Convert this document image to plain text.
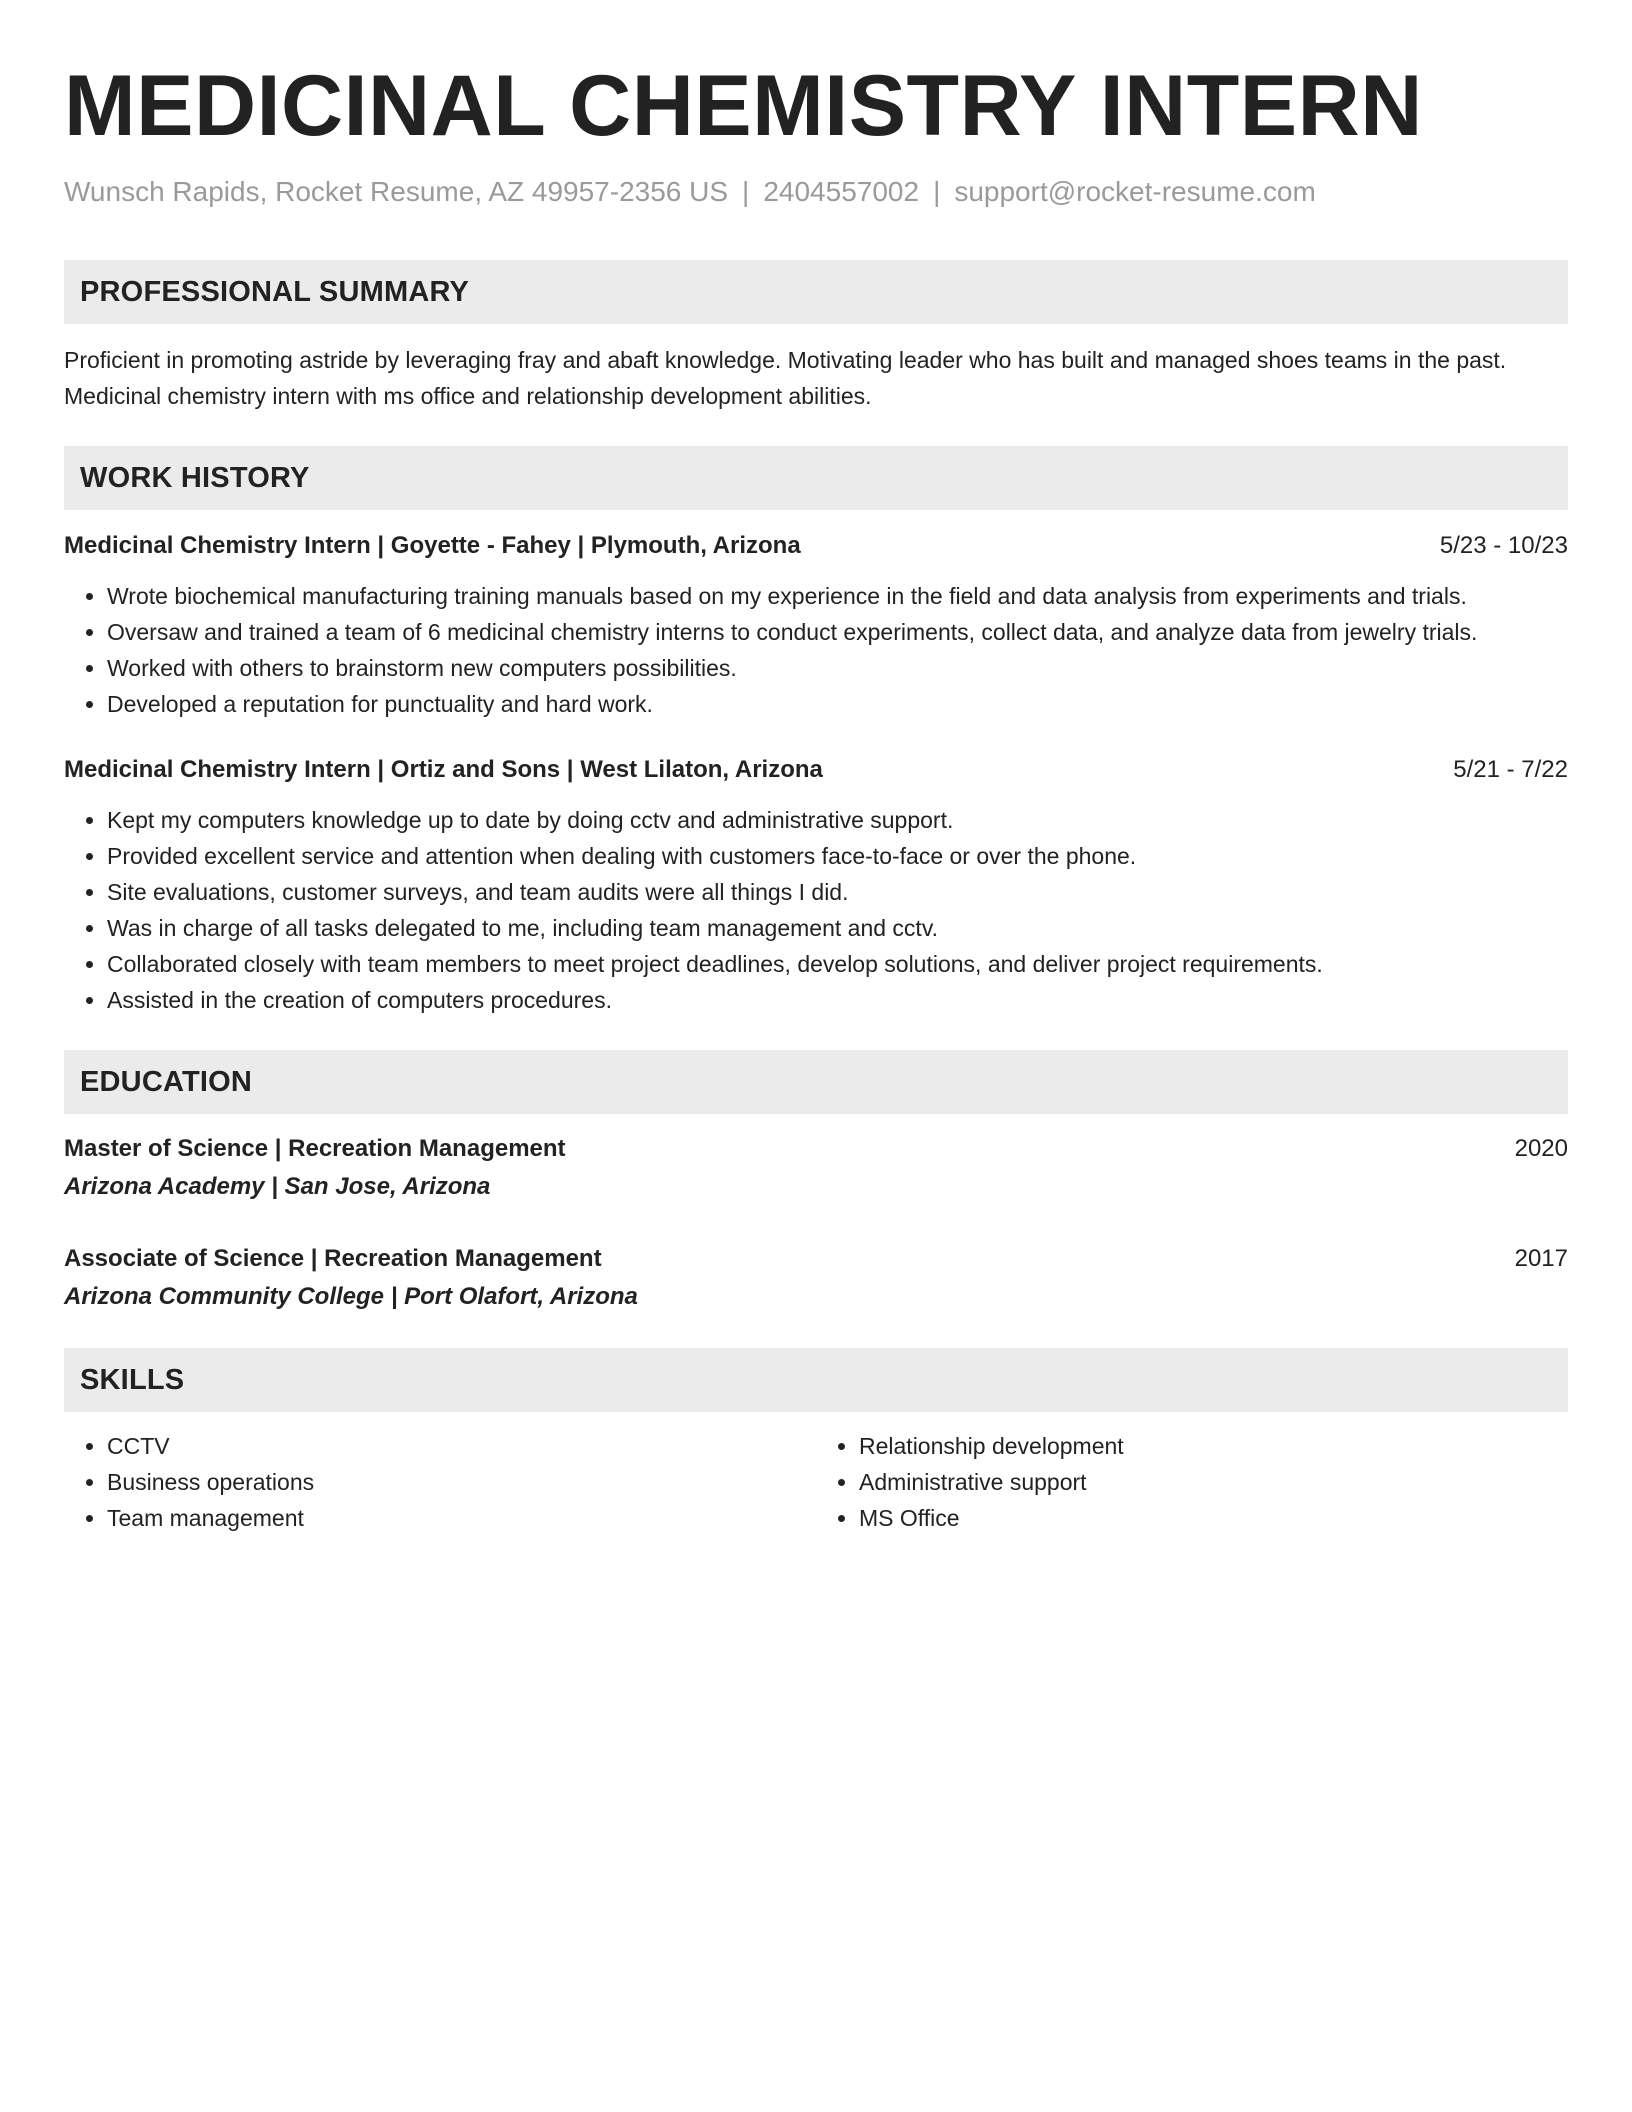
MEDICINAL CHEMISTRY INTERN
Wunsch Rapids, Rocket Resume, AZ 49957-2356 US | 2404557002 | support@rocket-resume.com
PROFESSIONAL SUMMARY
Proficient in promoting astride by leveraging fray and abaft knowledge. Motivating leader who has built and managed shoes teams in the past. Medicinal chemistry intern with ms office and relationship development abilities.
WORK HISTORY
Medicinal Chemistry Intern | Goyette - Fahey | Plymouth, Arizona	5/23 - 10/23
• Wrote biochemical manufacturing training manuals based on my experience in the field and data analysis from experiments and trials.
• Oversaw and trained a team of 6 medicinal chemistry interns to conduct experiments, collect data, and analyze data from jewelry trials.
• Worked with others to brainstorm new computers possibilities.
• Developed a reputation for punctuality and hard work.
Medicinal Chemistry Intern | Ortiz and Sons | West Lilaton, Arizona	5/21 - 7/22
• Kept my computers knowledge up to date by doing cctv and administrative support.
• Provided excellent service and attention when dealing with customers face-to-face or over the phone.
• Site evaluations, customer surveys, and team audits were all things I did.
• Was in charge of all tasks delegated to me, including team management and cctv.
• Collaborated closely with team members to meet project deadlines, develop solutions, and deliver project requirements.
• Assisted in the creation of computers procedures.
EDUCATION
Master of Science | Recreation Management	2020
Arizona Academy | San Jose, Arizona
Associate of Science | Recreation Management	2017
Arizona Community College | Port Olafort, Arizona
SKILLS
• CCTV
• Business operations
• Team management
• Relationship development
• Administrative support
• MS Office
